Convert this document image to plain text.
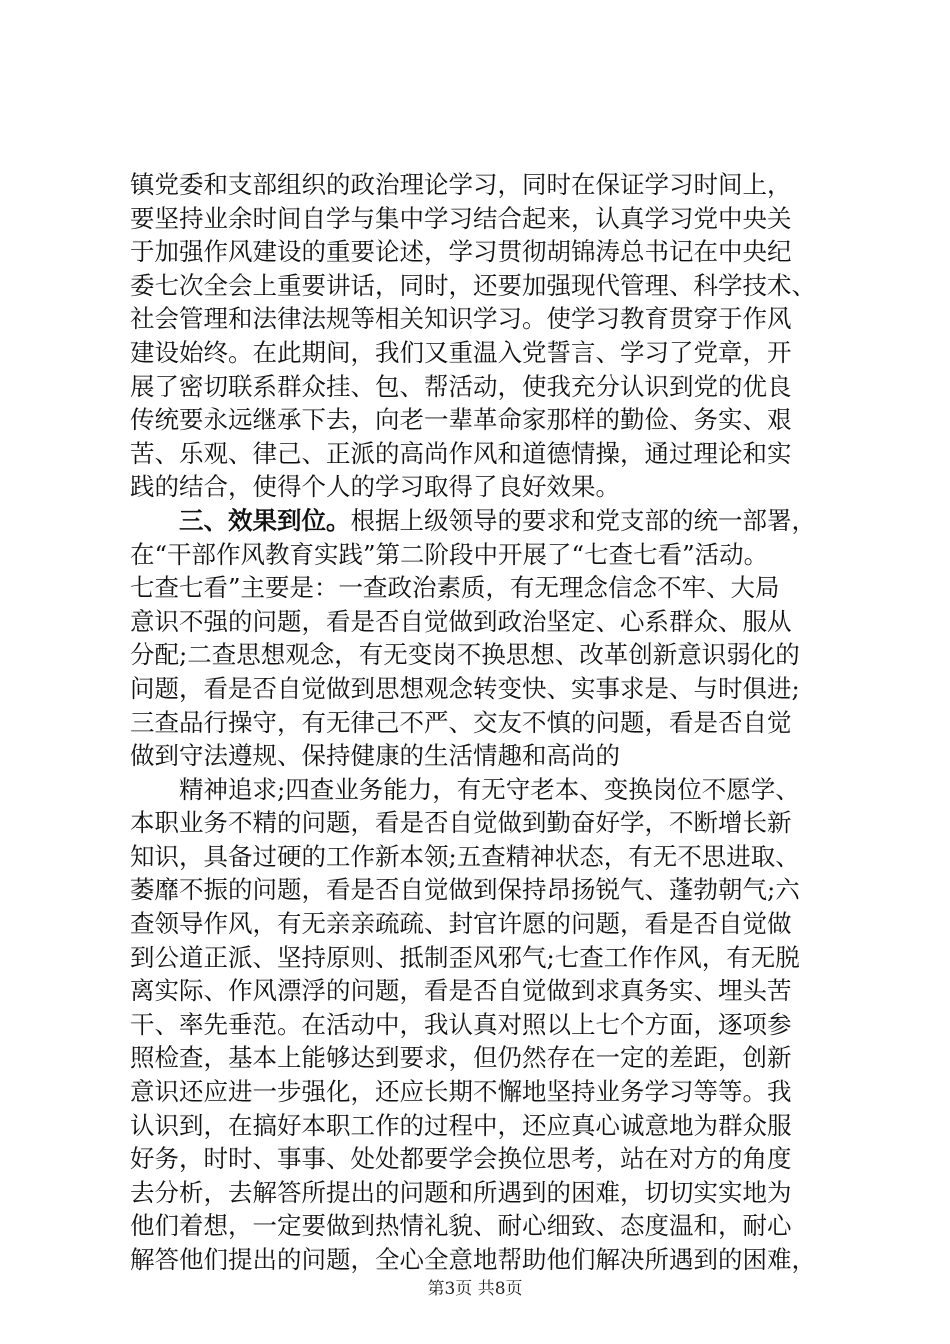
镇党委和支部组织的政治理论学习，同时在保证学习时间上，
要坚持业余时间自学与集中学习结合起来，认真学习党中央关
于加强作风建设的重要论述，学习贯彻胡锦涛总书记在中央纪
委七次全会上重要讲话，同时，还要加强现代管理、科学技术、
社会管理和法律法规等相关知识学习。使学习教育贯穿于作风
建设始终。在此期间，我们又重温入党誓言、学习了党章，开
展了密切联系群众挂、包、帮活动，使我充分认识到党的优良
传统要永远继承下去，向老一辈革命家那样的勤俭、务实、艰
苦、乐观、律己、正派的高尚作风和道德情操，通过理论和实
践的结合，使得个人的学习取得了良好效果。
三、效果到位。根据上级领导的要求和党支部的统一部署，
在“干部作风教育实践”第二阶段中开展了“七查七看”活动。
七查七看”主要是：一查政治素质，有无理念信念不牢、大局
意识不强的问题，看是否自觉做到政治坚定、心系群众、服从
分配;二查思想观念，有无变岗不换思想、改革创新意识弱化的
问题，看是否自觉做到思想观念转变快、实事求是、与时俱进;
三查品行操守，有无律己不严、交友不慎的问题，看是否自觉
做到守法遵规、保持健康的生活情趣和高尚的
精神追求;四查业务能力，有无守老本、变换岗位不愿学、
本职业务不精的问题，看是否自觉做到勤奋好学，不断增长新
知识，具备过硬的工作新本领;五查精神状态，有无不思进取、
萎靡不振的问题，看是否自觉做到保持昂扬锐气、蓬勃朝气;六
查领导作风，有无亲亲疏疏、封官许愿的问题，看是否自觉做
到公道正派、坚持原则、抵制歪风邪气;七查工作作风，有无脱
离实际、作风漂浮的问题，看是否自觉做到求真务实、埋头苦
干、率先垂范。在活动中，我认真对照以上七个方面，逐项参
照检查，基本上能够达到要求，但仍然存在一定的差距，创新
意识还应进一步强化，还应长期不懈地坚持业务学习等等。我
认识到，在搞好本职工作的过程中，还应真心诚意地为群众服
好务，时时、事事、处处都要学会换位思考，站在对方的角度
去分析，去解答所提出的问题和所遇到的困难，切切实实地为
他们着想，一定要做到热情礼貌、耐心细致、态度温和，耐心
解答他们提出的问题，全心全意地帮助他们解决所遇到的困难，
第3页 共8页
